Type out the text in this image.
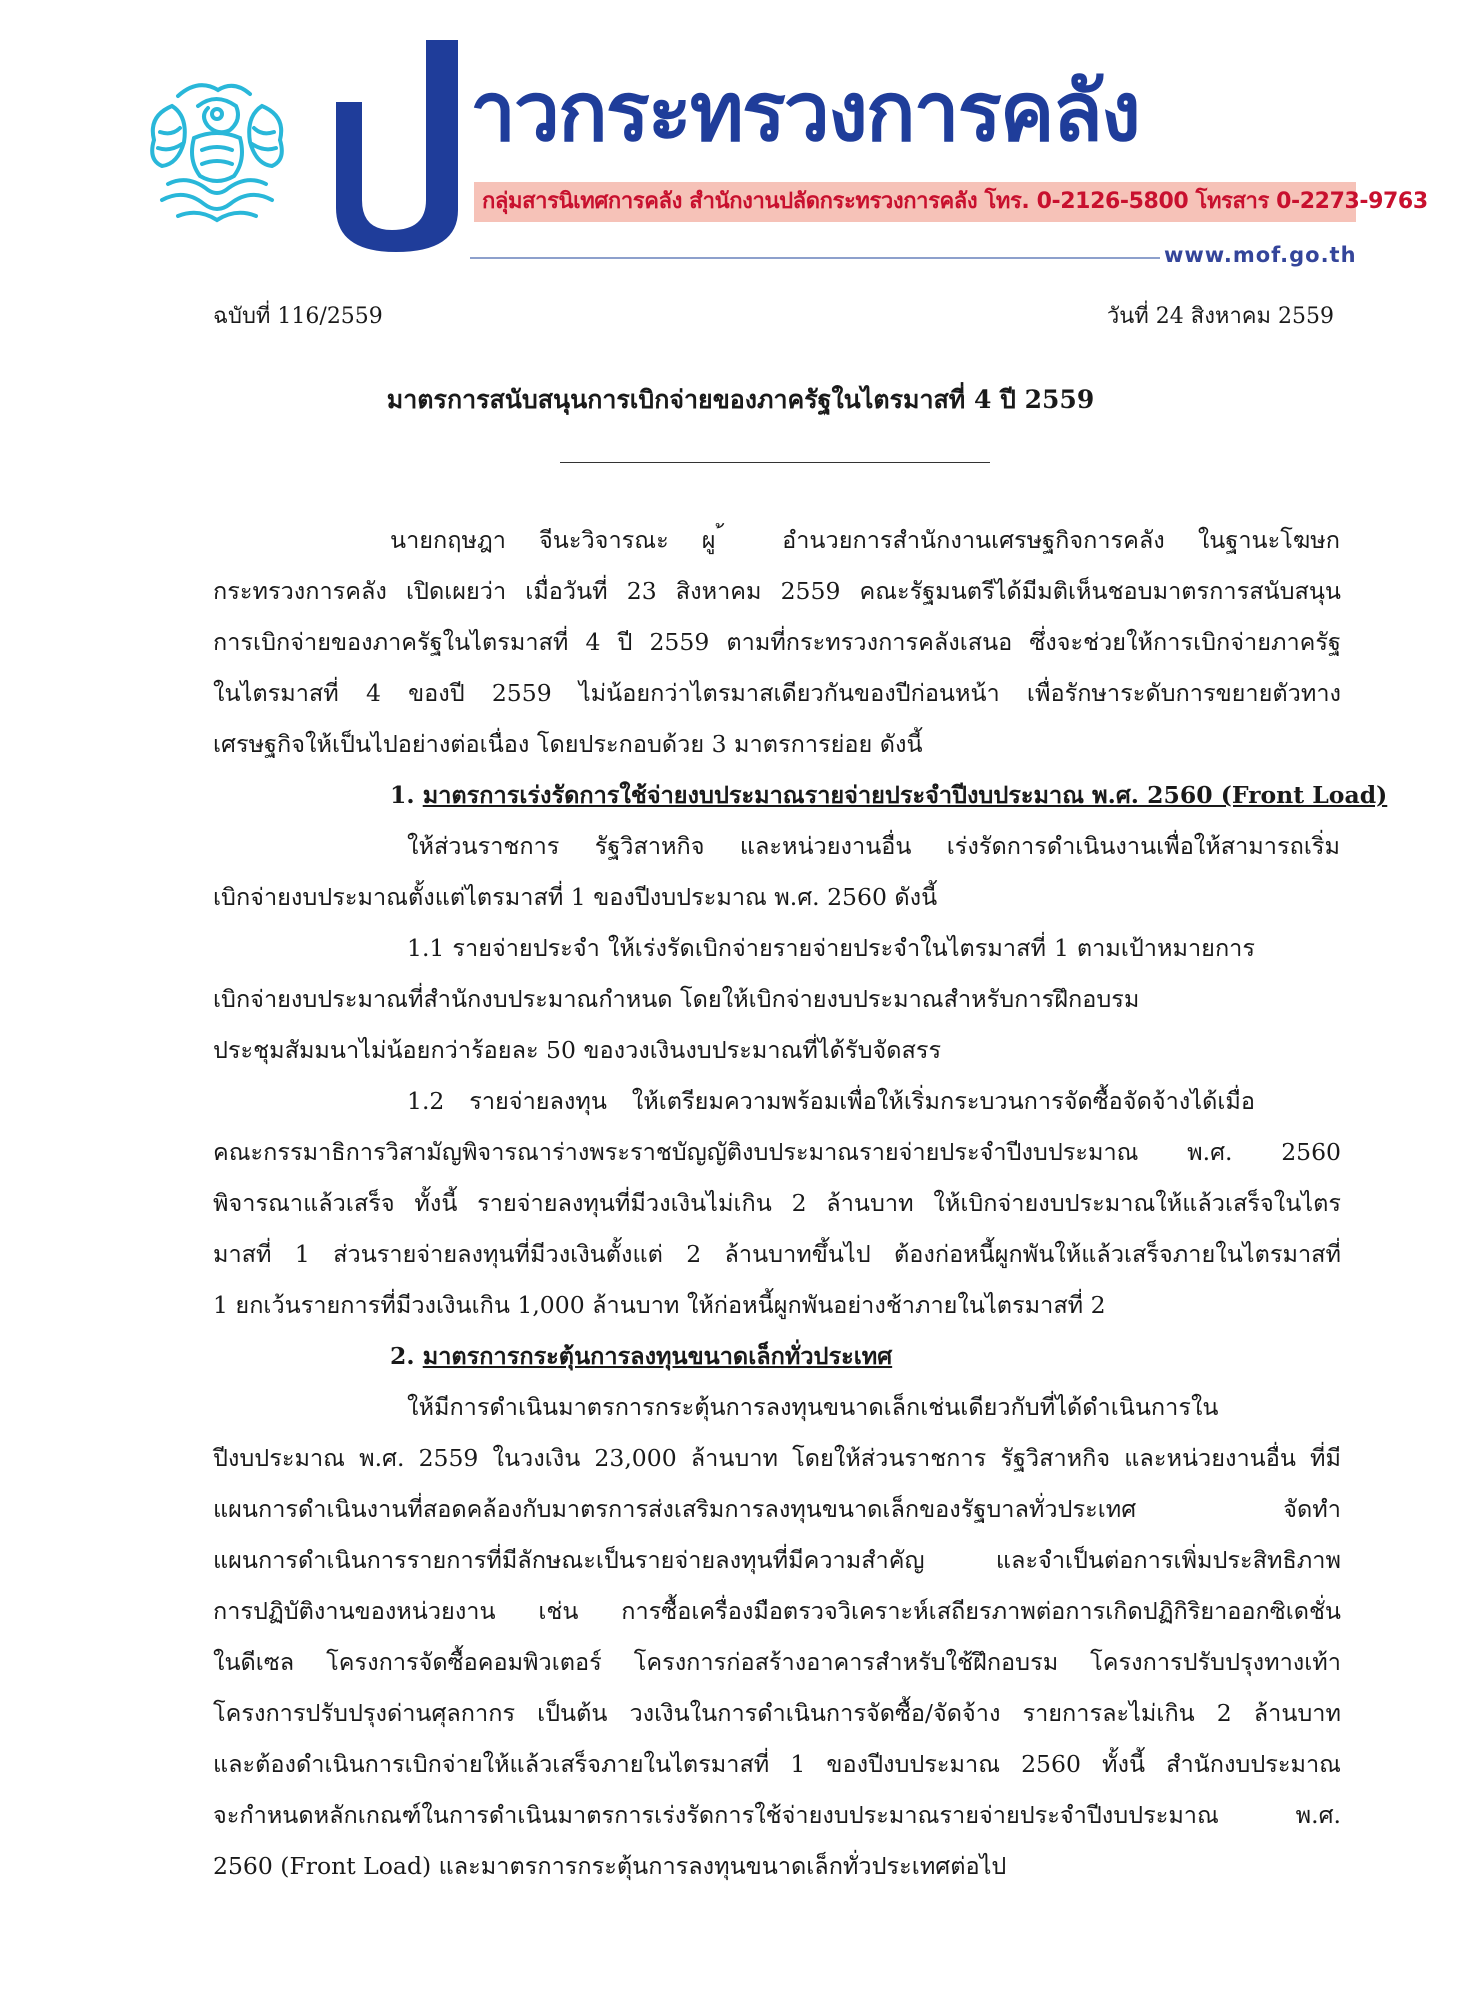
าวกระทรวงการคลัง
กลุ่มสารนิเทศการคลัง สำนักงานปลัดกระทรวงการคลัง โทร. 0-2126-5800 โทรสาร 0-2273-9763
www.mof.go.th
ฉบับที่ 116/2559	วันที่ 24 สิงหาคม 2559
มาตรการสนับสนุนการเบิกจ่ายของภาครัฐในไตรมาสที่ 4 ปี 2559
นายกฤษฎา จีนะวิจารณะ ผู ้ อำนวยการสำนักงานเศรษฐกิจการคลัง ในฐานะโฆษก
กระทรวงการคลัง เปิดเผยว่า เมื่อวันที่ 23 สิงหาคม 2559 คณะรัฐมนตรีได้มีมติเห็นชอบมาตรการสนับสนุน
การเบิกจ่ายของภาครัฐในไตรมาสที่ 4 ปี 2559 ตามที่กระทรวงการคลังเสนอ ซึ่งจะช่วยให้การเบิกจ่ายภาครัฐ
ในไตรมาสที่ 4 ของปี 2559 ไม่น้อยกว่าไตรมาสเดียวกันของปีก่อนหน้า เพื่อรักษาระดับการขยายตัวทาง
เศรษฐกิจให้เป็นไปอย่างต่อเนื่อง โดยประกอบด้วย 3 มาตรการย่อย ดังนี้
1. มาตรการเร่งรัดการใช้จ่ายงบประมาณรายจ่ายประจำปีงบประมาณ พ.ศ. 2560 (Front Load)
ให้ส่วนราชการ รัฐวิสาหกิจ และหน่วยงานอื่น เร่งรัดการดำเนินงานเพื่อให้สามารถเริ่ม
เบิกจ่ายงบประมาณตั้งแต่ไตรมาสที่ 1 ของปีงบประมาณ พ.ศ. 2560 ดังนี้
1.1 รายจ่ายประจำ ให้เร่งรัดเบิกจ่ายรายจ่ายประจำในไตรมาสที่ 1 ตามเป้าหมายการ
เบิกจ่ายงบประมาณที่สำนักงบประมาณกำหนด โดยให้เบิกจ่ายงบประมาณสำหรับการฝึกอบรม
ประชุมสัมมนาไม่น้อยกว่าร้อยละ 50 ของวงเงินงบประมาณที่ได้รับจัดสรร
1.2 รายจ่ายลงทุน ให้เตรียมความพร้อมเพื่อให้เริ่มกระบวนการจัดซื้อจัดจ้างได้เมื่อ
คณะกรรมาธิการวิสามัญพิจารณาร่างพระราชบัญญัติงบประมาณรายจ่ายประจำปีงบประมาณ พ.ศ. 2560
พิจารณาแล้วเสร็จ ทั้งนี้ รายจ่ายลงทุนที่มีวงเงินไม่เกิน 2 ล้านบาท ให้เบิกจ่ายงบประมาณให้แล้วเสร็จในไตร
มาสที่ 1 ส่วนรายจ่ายลงทุนที่มีวงเงินตั้งแต่ 2 ล้านบาทขึ้นไป ต้องก่อหนี้ผูกพันให้แล้วเสร็จภายในไตรมาสที่
1 ยกเว้นรายการที่มีวงเงินเกิน 1,000 ล้านบาท ให้ก่อหนี้ผูกพันอย่างช้าภายในไตรมาสที่ 2
2. มาตรการกระตุ้นการลงทุนขนาดเล็กทั่วประเทศ
ให้มีการดำเนินมาตรการกระตุ้นการลงทุนขนาดเล็กเช่นเดียวกับที่ได้ดำเนินการใน
ปีงบประมาณ พ.ศ. 2559 ในวงเงิน 23,000 ล้านบาท โดยให้ส่วนราชการ รัฐวิสาหกิจ และหน่วยงานอื่น ที่มี
แผนการดำเนินงานที่สอดคล้องกับมาตรการส่งเสริมการลงทุนขนาดเล็กของรัฐบาลทั่วประเทศ จัดทำ
แผนการดำเนินการรายการที่มีลักษณะเป็นรายจ่ายลงทุนที่มีความสำคัญ และจำเป็นต่อการเพิ่มประสิทธิภาพ
การปฏิบัติงานของหน่วยงาน เช่น การซื้อเครื่องมือตรวจวิเคราะห์เสถียรภาพต่อการเกิดปฏิกิริยาออกซิเดชั่น
ในดีเซล โครงการจัดซื้อคอมพิวเตอร์ โครงการก่อสร้างอาคารสำหรับใช้ฝึกอบรม โครงการปรับปรุงทางเท้า
โครงการปรับปรุงด่านศุลกากร เป็นต้น วงเงินในการดำเนินการจัดซื้อ/จัดจ้าง รายการละไม่เกิน 2 ล้านบาท
และต้องดำเนินการเบิกจ่ายให้แล้วเสร็จภายในไตรมาสที่ 1 ของปีงบประมาณ 2560 ทั้งนี้ สำนักงบประมาณ
จะกำหนดหลักเกณฑ์ในการดำเนินมาตรการเร่งรัดการใช้จ่ายงบประมาณรายจ่ายประจำปีงบประมาณ พ.ศ.
2560 (Front Load) และมาตรการกระตุ้นการลงทุนขนาดเล็กทั่วประเทศต่อไป
